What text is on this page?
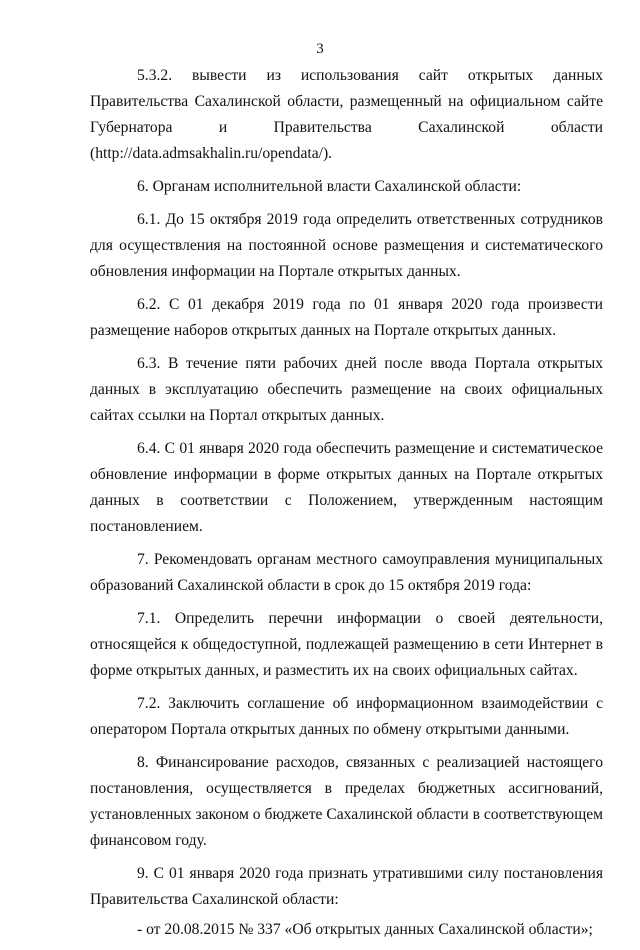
3

5.3.2. вывести из использования сайт открытых данных Правительства Сахалинской области, размещенный на официальном сайте Губернатора и Правительства Сахалинской области (http://data.admsakhalin.ru/opendata/).

6. Органам исполнительной власти Сахалинской области:

6.1. До 15 октября 2019 года определить ответственных сотрудников для осуществления на постоянной основе размещения и систематического обновления информации на Портале открытых данных.

6.2. С 01 декабря 2019 года по 01 января 2020 года произвести размещение наборов открытых данных на Портале открытых данных.

6.3. В течение пяти рабочих дней после ввода Портала открытых данных в эксплуатацию обеспечить размещение на своих официальных сайтах ссылки на Портал открытых данных.

6.4. С 01 января 2020 года обеспечить размещение и систематическое обновление информации в форме открытых данных на Портале открытых данных в соответствии с Положением, утвержденным настоящим постановлением.

7. Рекомендовать органам местного самоуправления муниципальных образований Сахалинской области в срок до 15 октября 2019 года:

7.1. Определить перечни информации о своей деятельности, относящейся к общедоступной, подлежащей размещению в сети Интернет в форме открытых данных, и разместить их на своих официальных сайтах.

7.2. Заключить соглашение об информационном взаимодействии с оператором Портала открытых данных по обмену открытыми данными.

8. Финансирование расходов, связанных с реализацией настоящего постановления, осуществляется в пределах бюджетных ассигнований, установленных законом о бюджете Сахалинской области в соответствующем финансовом году.

9. С 01 января 2020 года признать утратившими силу постановления Правительства Сахалинской области:

- от 20.08.2015 № 337 «Об открытых данных Сахалинской области»;
